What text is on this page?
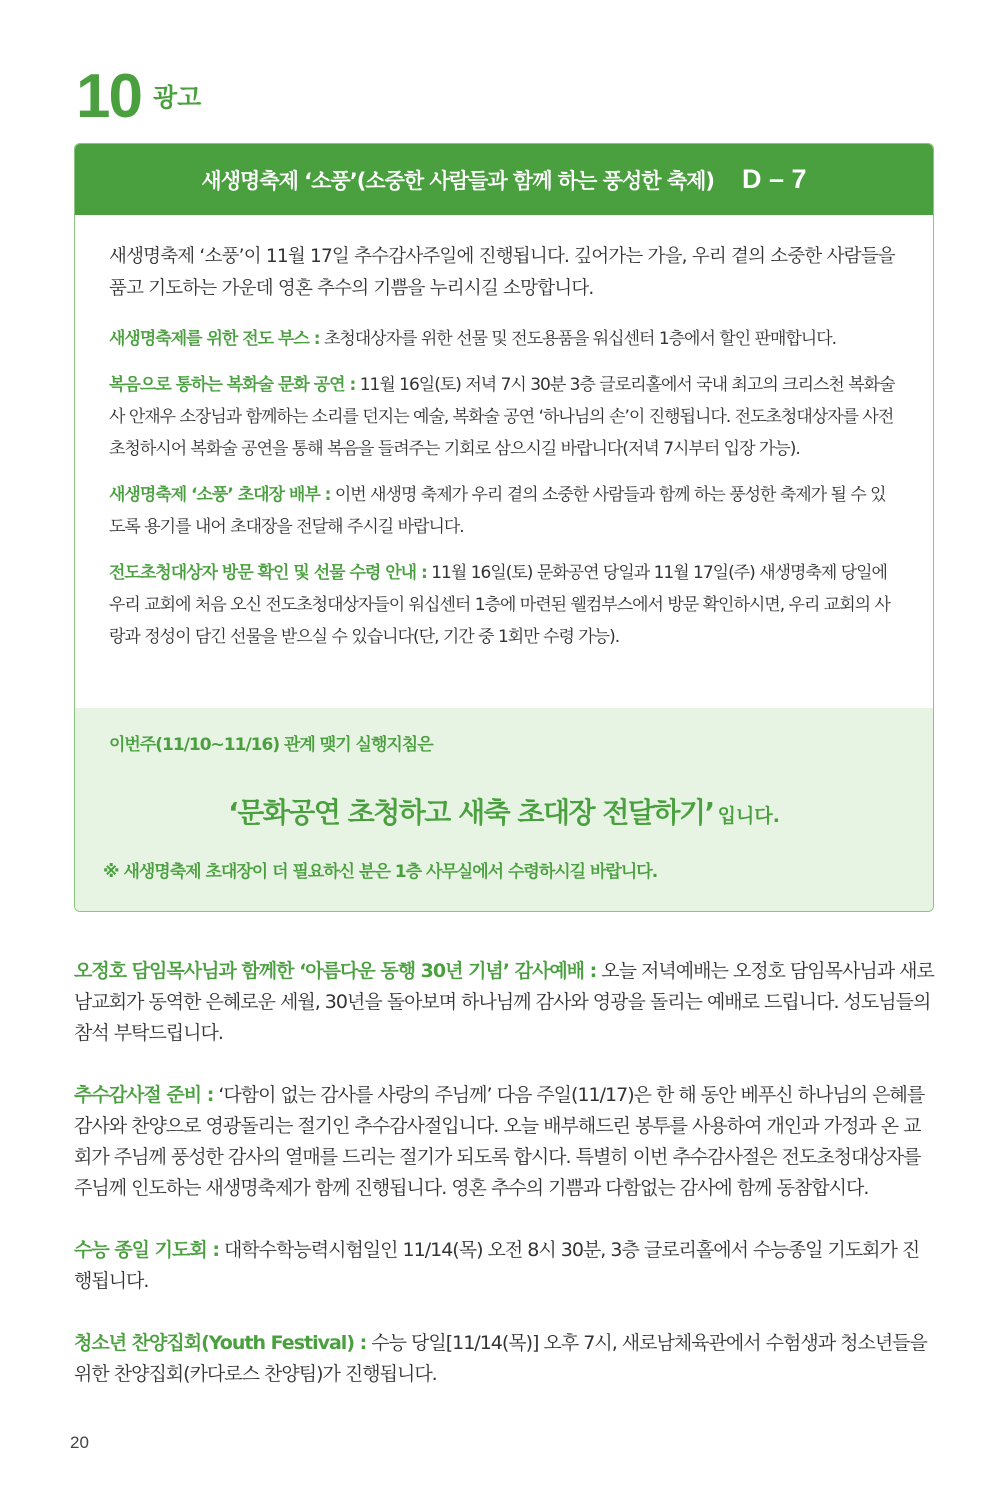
10 광고
새생명축제 ‘소풍’(소중한 사람들과 함께 하는 풍성한 축제) D – 7

새생명축제 ‘소풍’이 11월 17일 추수감사주일에 진행됩니다. 깊어가는 가을, 우리 곁의 소중한 사람들을 품고 기도하는 가운데 영혼 추수의 기쁨을 누리시길 소망합니다.

새생명축제를 위한 전도 부스 : 초청대상자를 위한 선물 및 전도용품을 워십센터 1층에서 할인 판매합니다.

복음으로 통하는 복화술 문화 공연 : 11월 16일(토) 저녁 7시 30분 3층 글로리홀에서 국내 최고의 크리스천 복화술사 안재우 소장님과 함께하는 소리를 던지는 예술, 복화술 공연 ‘하나님의 손’이 진행됩니다. 전도초청대상자를 사전 초청하시어 복화술 공연을 통해 복음을 들려주는 기회로 삼으시길 바랍니다(저녁 7시부터 입장 가능).

새생명축제 ‘소풍’ 초대장 배부 : 이번 새생명 축제가 우리 곁의 소중한 사람들과 함께 하는 풍성한 축제가 될 수 있도록 용기를 내어 초대장을 전달해 주시길 바랍니다.

전도초청대상자 방문 확인 및 선물 수령 안내 : 11월 16일(토) 문화공연 당일과 11월 17일(주) 새생명축제 당일에 우리 교회에 처음 오신 전도초청대상자들이 워십센터 1층에 마련된 웰컴부스에서 방문 확인하시면, 우리 교회의 사랑과 정성이 담긴 선물을 받으실 수 있습니다(단, 기간 중 1회만 수령 가능).

이번주(11/10~11/16) 관계 맺기 실행지침은
‘문화공연 초청하고 새축 초대장 전달하기’ 입니다.
※ 새생명축제 초대장이 더 필요하신 분은 1층 사무실에서 수령하시길 바랍니다.

오정호 담임목사님과 함께한 ‘아름다운 동행 30년 기념’ 감사예배 : 오늘 저녁예배는 오정호 담임목사님과 새로남교회가 동역한 은혜로운 세월, 30년을 돌아보며 하나님께 감사와 영광을 돌리는 예배로 드립니다. 성도님들의 참석 부탁드립니다.

추수감사절 준비 : ‘다함이 없는 감사를 사랑의 주님께’ 다음 주일(11/17)은 한 해 동안 베푸신 하나님의 은혜를 감사와 찬양으로 영광돌리는 절기인 추수감사절입니다. 오늘 배부해드린 봉투를 사용하여 개인과 가정과 온 교회가 주님께 풍성한 감사의 열매를 드리는 절기가 되도록 합시다. 특별히 이번 추수감사절은 전도초청대상자를 주님께 인도하는 새생명축제가 함께 진행됩니다. 영혼 추수의 기쁨과 다함없는 감사에 함께 동참합시다.

수능 종일 기도회 : 대학수학능력시험일인 11/14(목) 오전 8시 30분, 3층 글로리홀에서 수능종일 기도회가 진행됩니다.

청소년 찬양집회(Youth Festival) : 수능 당일[11/14(목)] 오후 7시, 새로남체육관에서 수험생과 청소년들을 위한 찬양집회(카다로스 찬양팀)가 진행됩니다.

20
